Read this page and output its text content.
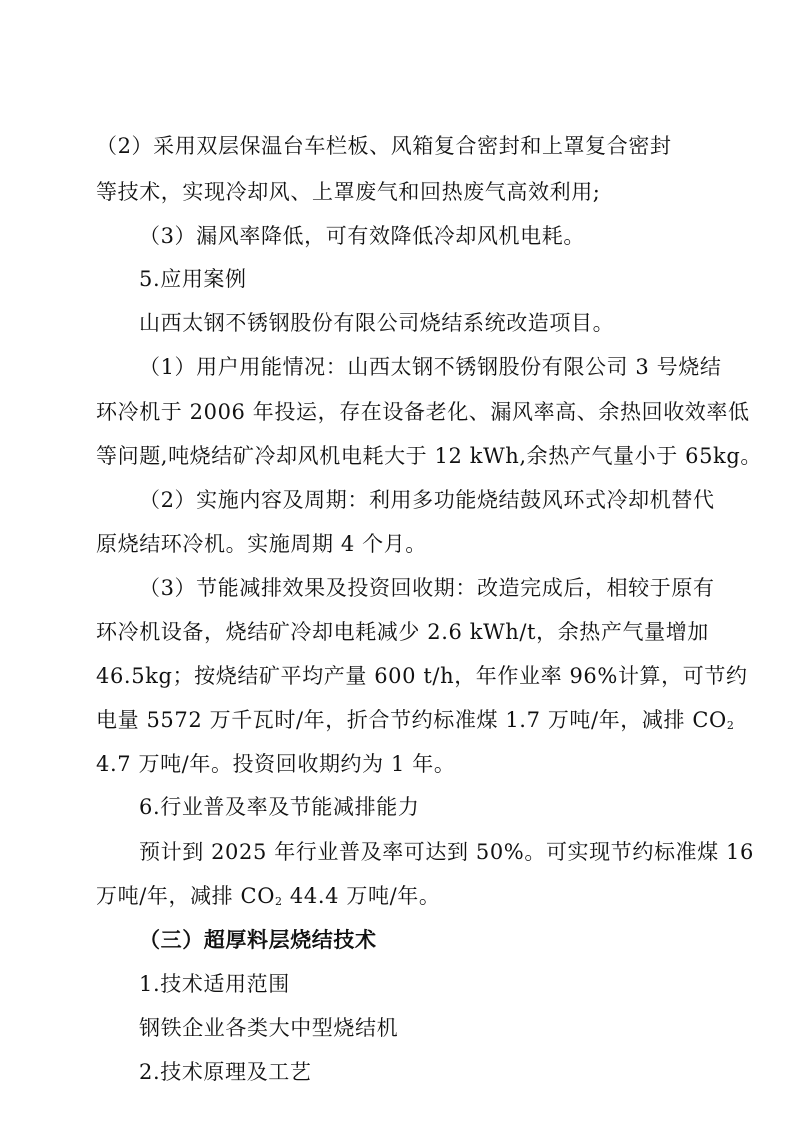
（2）采用双层保温台车栏板、风箱复合密封和上罩复合密封
等技术，实现冷却风、上罩废气和回热废气高效利用;
（3）漏风率降低，可有效降低冷却风机电耗。
5.应用案例
山西太钢不锈钢股份有限公司烧结系统改造项目。
（1）用户用能情况：山西太钢不锈钢股份有限公司 3 号烧结
环冷机于 2006 年投运，存在设备老化、漏风率高、余热回收效率低
等问题,吨烧结矿冷却风机电耗大于 12 kWh,余热产气量小于 65kg。
（2）实施内容及周期：利用多功能烧结鼓风环式冷却机替代
原烧结环冷机。实施周期 4 个月。
（3）节能减排效果及投资回收期：改造完成后，相较于原有
环冷机设备，烧结矿冷却电耗减少 2.6 kWh/t，余热产气量增加
46.5kg；按烧结矿平均产量 600 t/h，年作业率 96%计算，可节约
电量 5572 万千瓦时/年，折合节约标准煤 1.7 万吨/年，减排 $CO_2$
4.7 万吨/年。投资回收期约为 1 年。
6.行业普及率及节能减排能力
预计到 2025 年行业普及率可达到 50%。可实现节约标准煤 16
万吨/年，减排 $CO_2$ 44.4 万吨/年。
（三）超厚料层烧结技术
1.技术适用范围
钢铁企业各类大中型烧结机
2.技术原理及工艺
